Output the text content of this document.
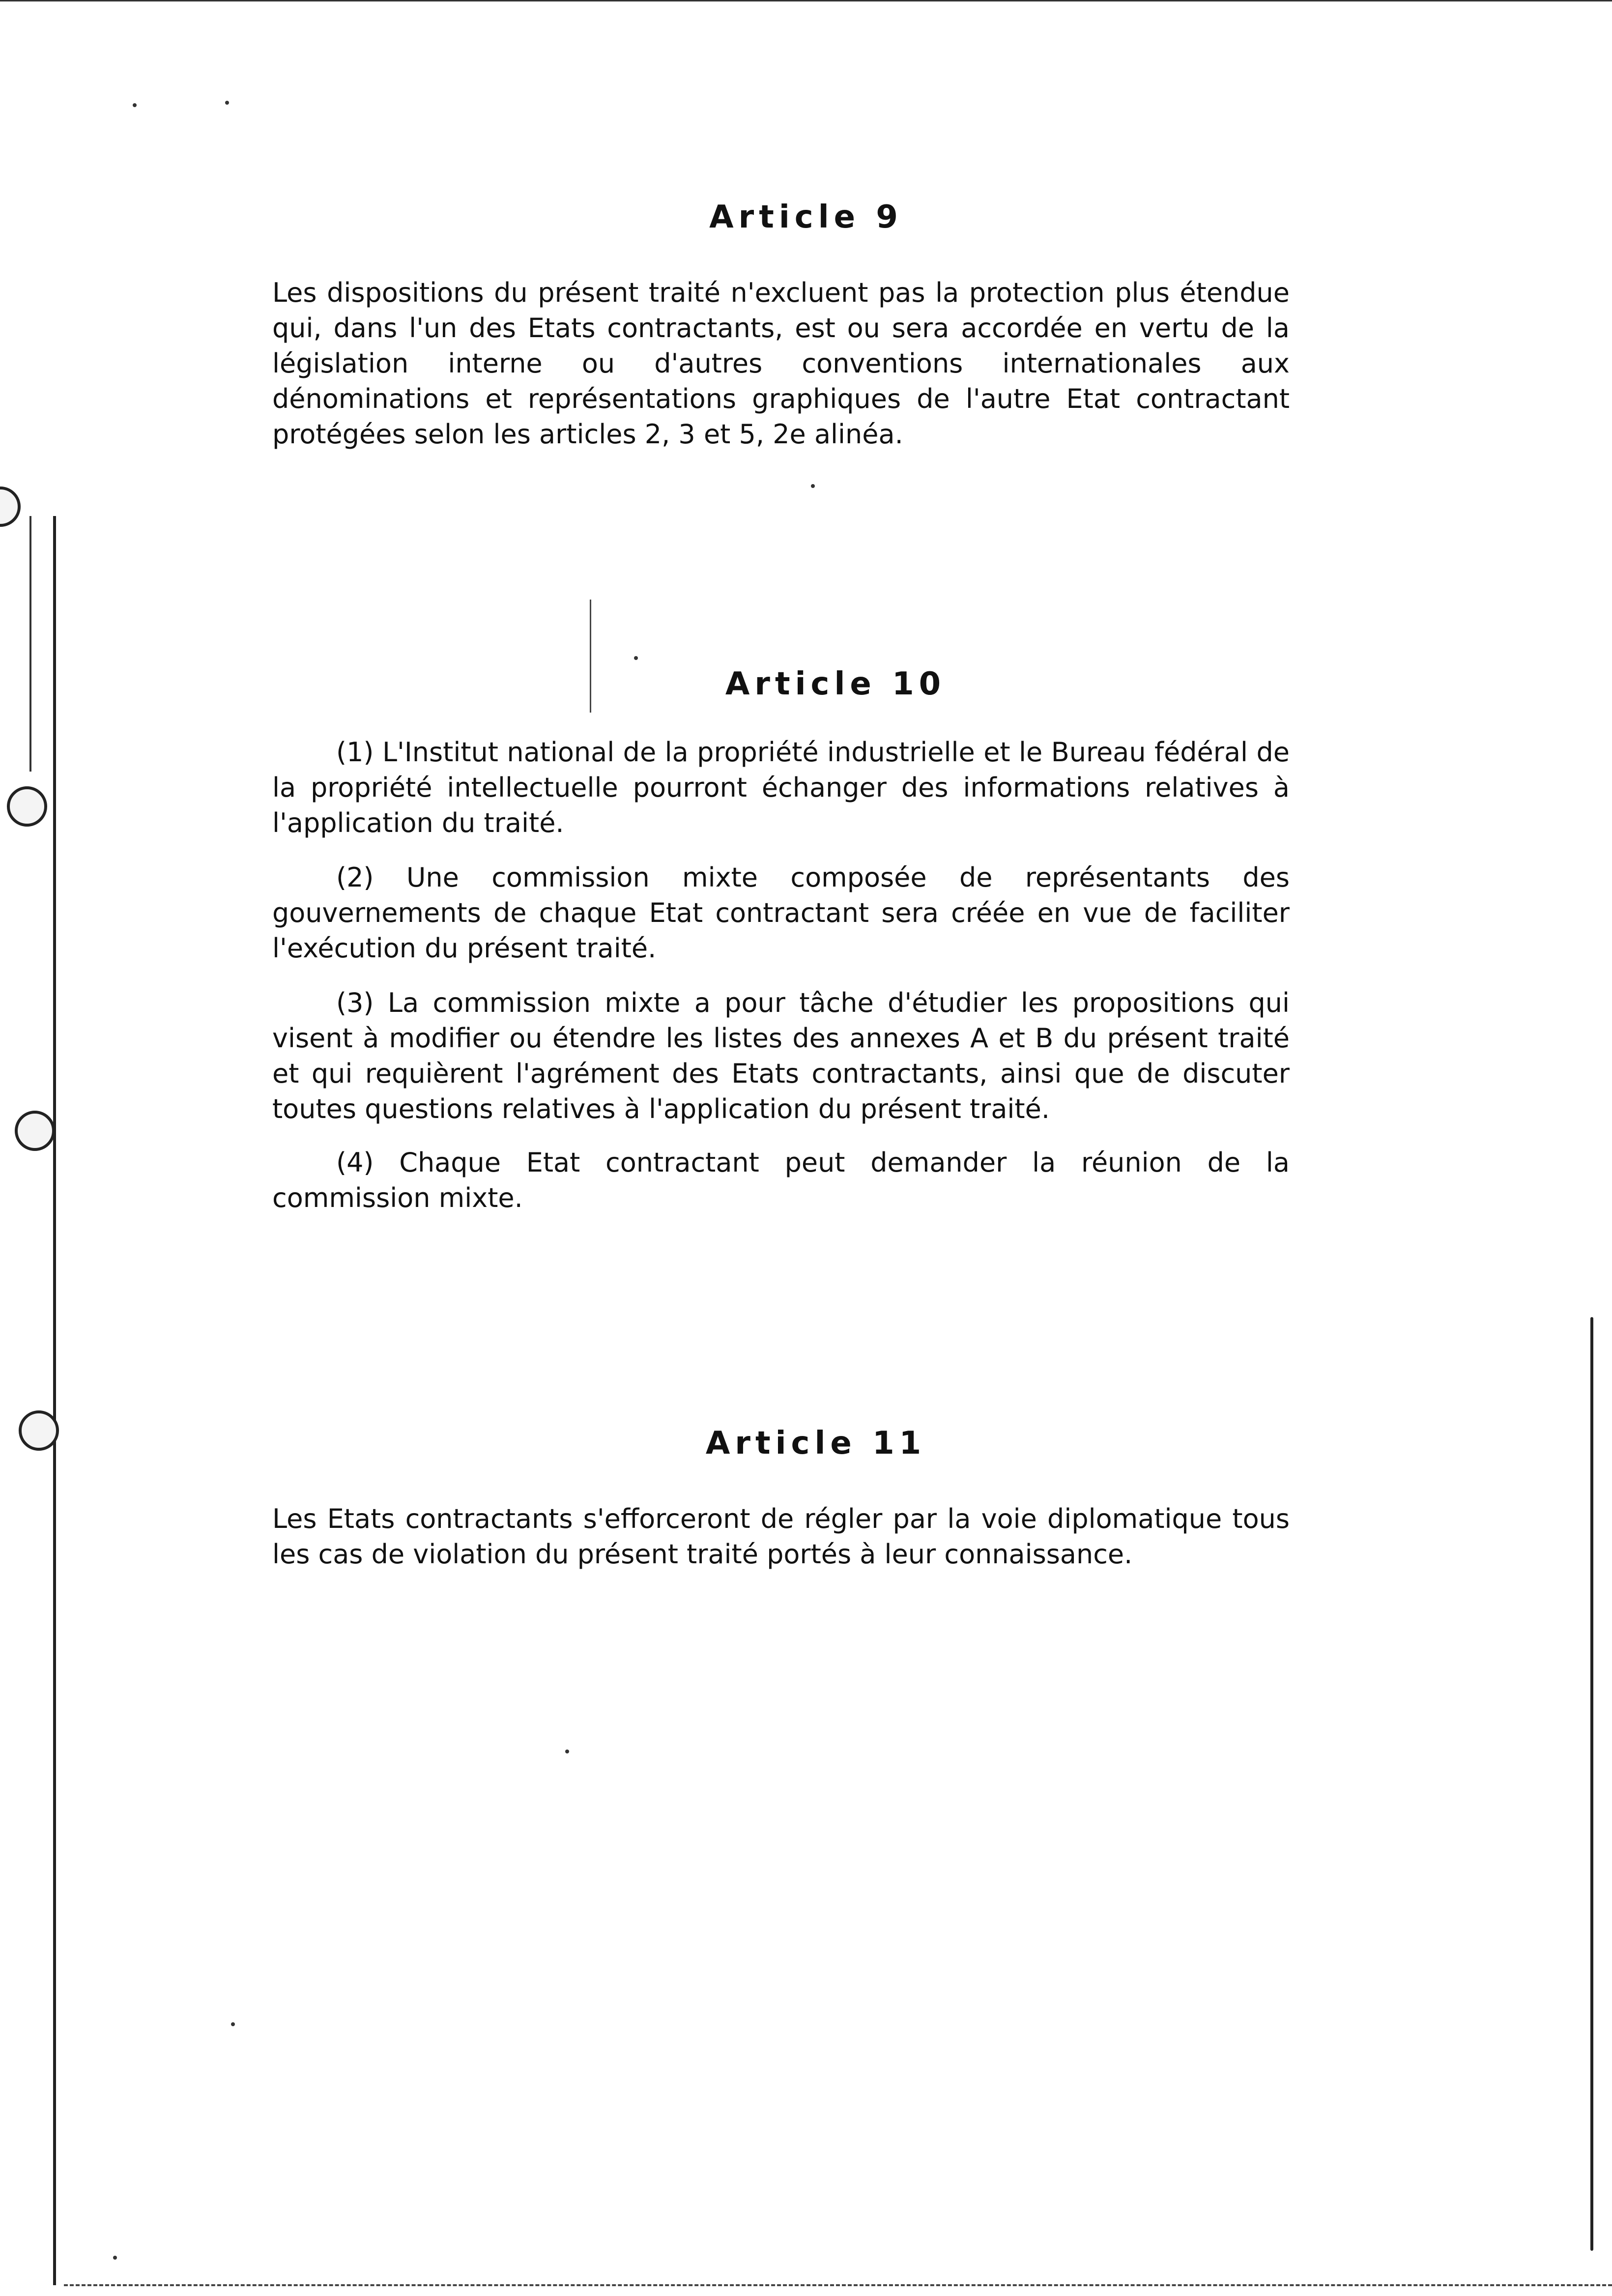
Article 9
Les dispositions du présent traité n'excluent pas la protection plus étendue qui, dans l'un des Etats contractants, est ou sera accordée en vertu de la législation interne ou d'autres conventions internationales aux dénominations et représentations graphiques de l'autre Etat contractant protégées selon les articles 2, 3 et 5, 2e alinéa.
Article 10
(1) L'Institut national de la propriété industrielle et le Bureau fédéral de la propriété intellectuelle pourront échanger des informations relatives à l'application du traité.
(2) Une commission mixte composée de représentants des gouvernements de chaque Etat contractant sera créée en vue de faciliter l'exécution du présent traité.
(3) La commission mixte a pour tâche d'étudier les propositions qui visent à modifier ou étendre les listes des annexes A et B du présent traité et qui requièrent l'agrément des Etats contractants, ainsi que de discuter toutes questions relatives à l'application du présent traité.
(4) Chaque Etat contractant peut demander la réunion de la commission mixte.
Article 11
Les Etats contractants s'efforceront de régler par la voie diplomatique tous les cas de violation du présent traité portés à leur connaissance.
